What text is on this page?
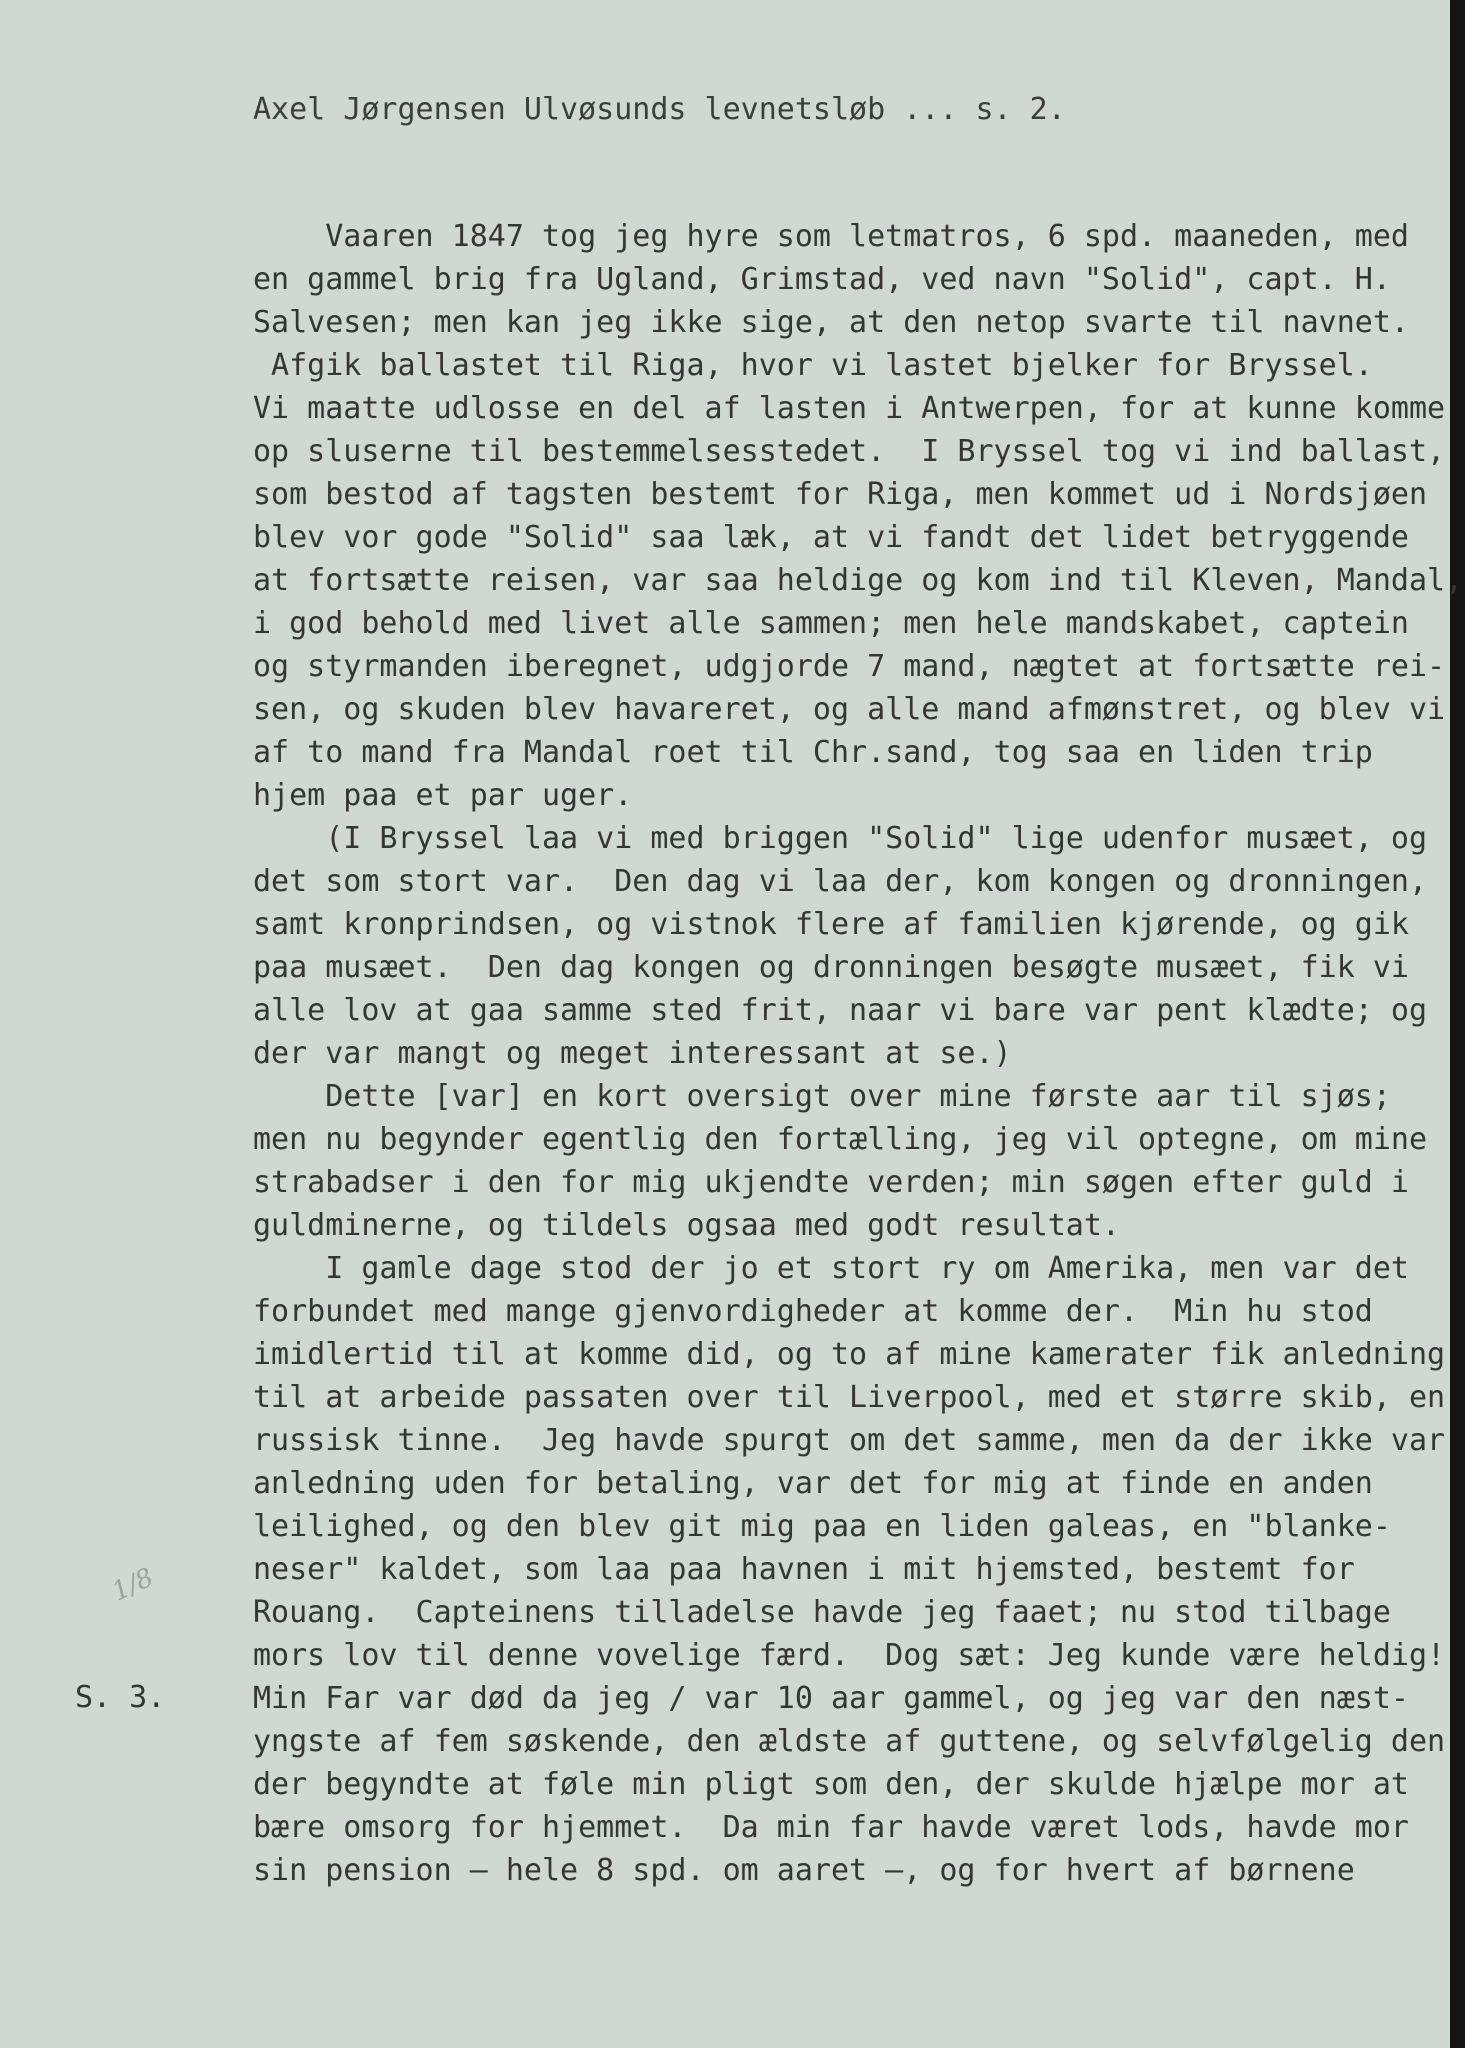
Axel Jørgensen Ulvøsunds levnetsløb ... s. 2.
Vaaren 1847 tog jeg hyre som letmatros, 6 spd. maaneden, med
en gammel brig fra Ugland, Grimstad, ved navn "Solid", capt. H.
Salvesen; men kan jeg ikke sige, at den netop svarte til navnet.
Afgik ballastet til Riga, hvor vi lastet bjelker for Bryssel.
Vi maatte udlosse en del af lasten i Antwerpen, for at kunne komme
op sluserne til bestemmelsesstedet.  I Bryssel tog vi ind ballast,
som bestod af tagsten bestemt for Riga, men kommet ud i Nordsjøen
blev vor gode "Solid" saa læk, at vi fandt det lidet betryggende
at fortsætte reisen, var saa heldige og kom ind til Kleven, Mandal,
i god behold med livet alle sammen; men hele mandskabet, captein
og styrmanden iberegnet, udgjorde 7 mand, nægtet at fortsætte rei-
sen, og skuden blev havareret, og alle mand afmønstret, og blev vi
af to mand fra Mandal roet til Chr.sand, tog saa en liden trip
hjem paa et par uger.
(I Bryssel laa vi med briggen "Solid" lige udenfor musæet, og
det som stort var.  Den dag vi laa der, kom kongen og dronningen,
samt kronprindsen, og vistnok flere af familien kjørende, og gik
paa musæet.  Den dag kongen og dronningen besøgte musæet, fik vi
alle lov at gaa samme sted frit, naar vi bare var pent klædte; og
der var mangt og meget interessant at se.)
Dette [var] en kort oversigt over mine første aar til sjøs;
men nu begynder egentlig den fortælling, jeg vil optegne, om mine
strabadser i den for mig ukjendte verden; min søgen efter guld i
guldminerne, og tildels ogsaa med godt resultat.
I gamle dage stod der jo et stort ry om Amerika, men var det
forbundet med mange gjenvordigheder at komme der.  Min hu stod
imidlertid til at komme did, og to af mine kamerater fik anledning
til at arbeide passaten over til Liverpool, med et større skib, en
russisk tinne.  Jeg havde spurgt om det samme, men da der ikke var
anledning uden for betaling, var det for mig at finde en anden
leilighed, og den blev git mig paa en liden galeas, en "blanke-
neser" kaldet, som laa paa havnen i mit hjemsted, bestemt for
Rouang.  Capteinens tilladelse havde jeg faaet; nu stod tilbage
mors lov til denne vovelige færd.  Dog sæt: Jeg kunde være heldig!
Min Far var død da jeg / var 10 aar gammel, og jeg var den næst-
yngste af fem søskende, den ældste af guttene, og selvfølgelig den
der begyndte at føle min pligt som den, der skulde hjælpe mor at
bære omsorg for hjemmet.  Da min far havde været lods, havde mor
sin pension — hele 8 spd. om aaret —, og for hvert af børnene
S. 3.
1/8
